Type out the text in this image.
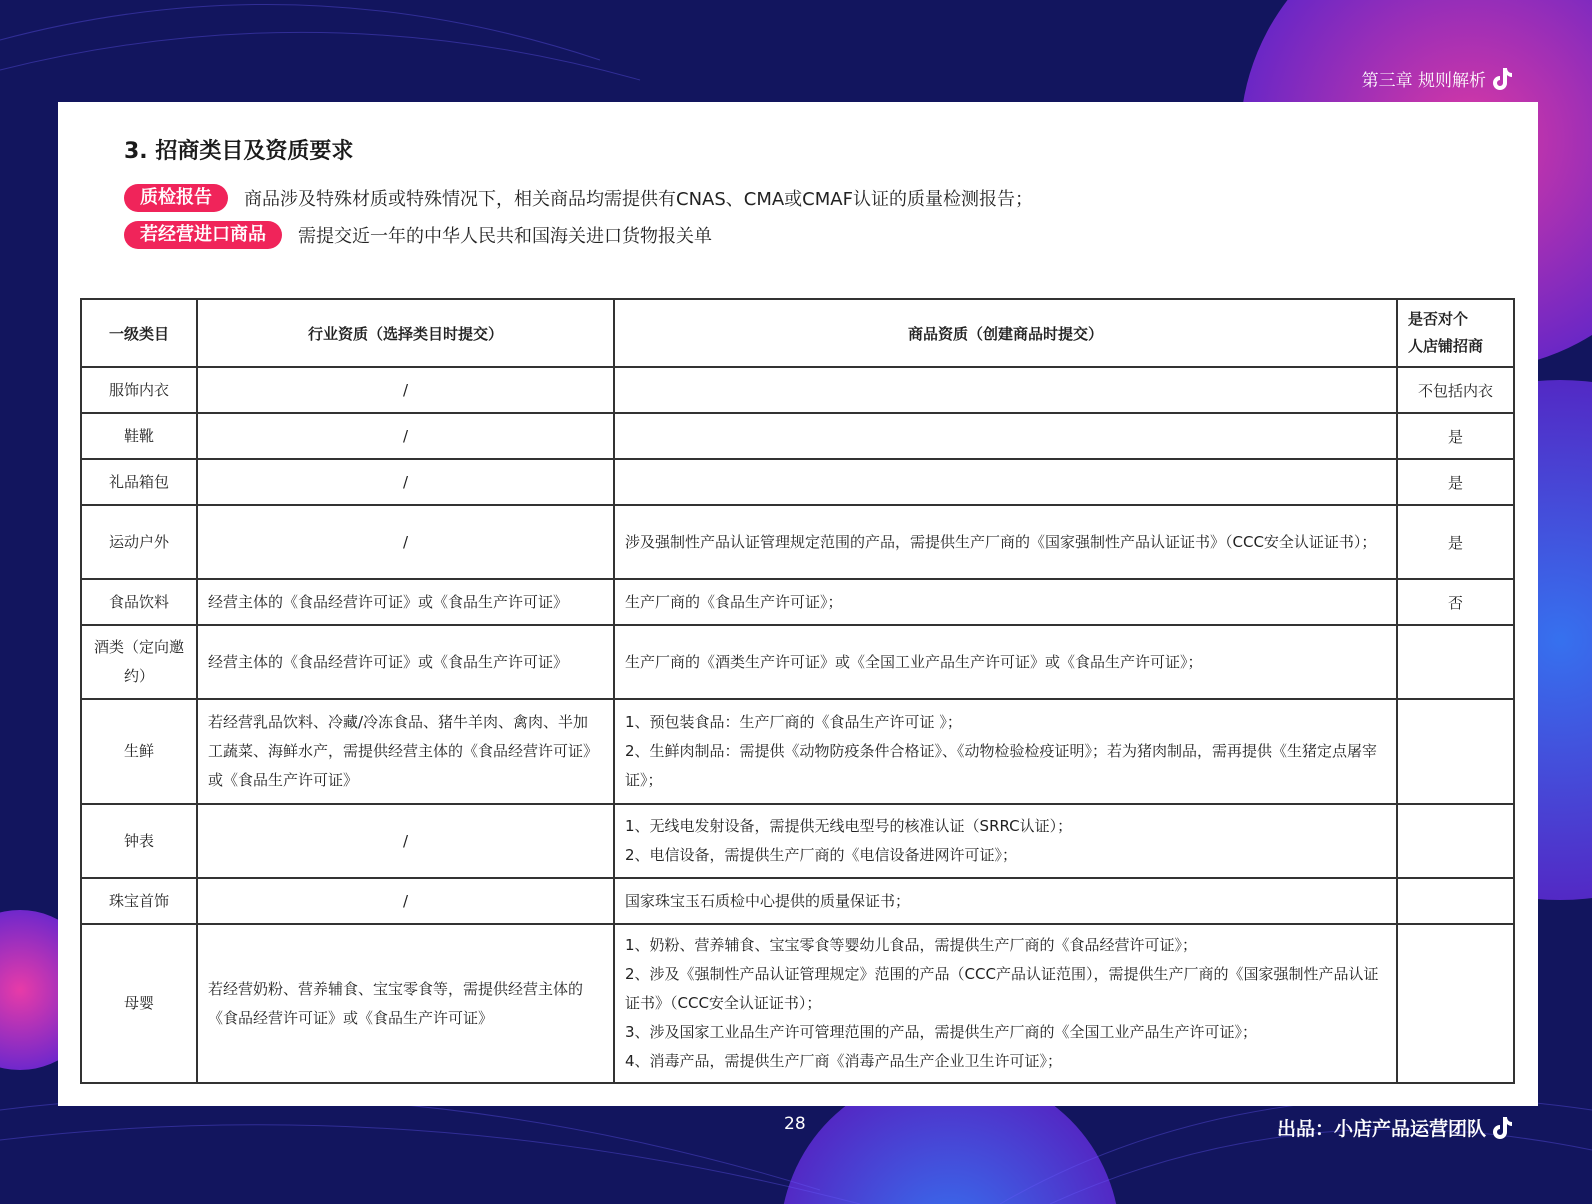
第三章 规则解析
3. 招商类目及资质要求
质检报告	商品涉及特殊材质或特殊情况下，相关商品均需提供有CNAS、CMA或CMAF认证的质量检测报告；
若经营进口商品	需提交近一年的中华人民共和国海关进口货物报关单
一级类目	行业资质（选择类目时提交）	商品资质（创建商品时提交）	是否对个
人店铺招商

服饰内衣	/		不包括内衣
鞋靴	/		是
礼品箱包	/		是
运动户外	/	涉及强制性产品认证管理规定范围的产品，需提供生产厂商的《国家强制性产品认证证书》（CCC安全认证证书）；	是
食品饮料	经营主体的《食品经营许可证》或《食品生产许可证》	生产厂商的《食品生产许可证》；	否
酒类（定向邀约）	经营主体的《食品经营许可证》或《食品生产许可证》	生产厂商的《酒类生产许可证》或《全国工业产品生产许可证》或《食品生产许可证》；	

生鲜	若经营乳品饮料、冷藏/冷冻食品、猪牛羊肉、禽肉、半加工蔬菜、海鲜水产，需提供经营主体的《食品经营许可证》或《食品生产许可证》	1、预包装食品：生产厂商的《食品生产许可证 》；
2、生鲜肉制品：需提供《动物防疫条件合格证》、《动物检验检疫证明》；若为猪肉制品，需再提供《生猪定点屠宰证》；	

钟表	/	1、无线电发射设备，需提供无线电型号的核准认证（SRRC认证）；
2、电信设备，需提供生产厂商的《电信设备进网许可证》；	

珠宝首饰	/	国家珠宝玉石质检中心提供的质量保证书；	

母婴	若经营奶粉、营养辅食、宝宝零食等，需提供经营主体的《食品经营许可证》或《食品生产许可证》	1、奶粉、营养辅食、宝宝零食等婴幼儿食品，需提供生产厂商的《食品经营许可证》；
2、涉及《强制性产品认证管理规定》范围的产品（CCC产品认证范围），需提供生产厂商的《国家强制性产品认证证书》（CCC安全认证证书）；
3、涉及国家工业品生产许可管理范围的产品，需提供生产厂商的《全国工业产品生产许可证》；
4、消毒产品，需提供生产厂商《消毒产品生产企业卫生许可证》；	

28	出品：小店产品运营团队
